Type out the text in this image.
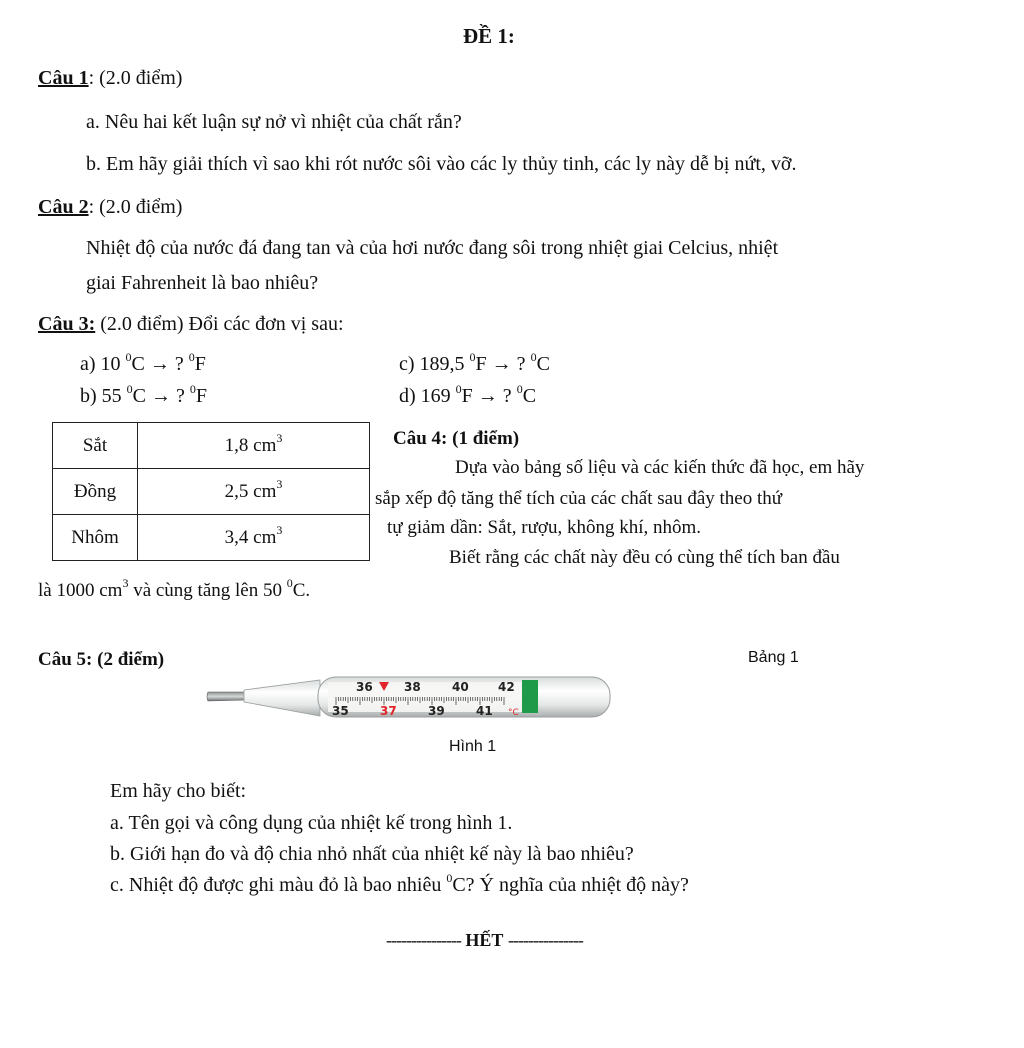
ĐỀ 1:
Câu 1: (2.0 điểm)
a. Nêu hai kết luận sự nở vì nhiệt của chất rắn?
b. Em hãy giải thích vì sao khi rót nước sôi vào các ly thủy tinh, các ly này dễ bị nứt, vỡ.
Câu 2: (2.0 điểm)
Nhiệt độ của nước đá đang tan và của hơi nước đang sôi trong nhiệt giai Celcius, nhiệt
giai Fahrenheit là bao nhiêu?
Câu 3: (2.0 điểm) Đổi các đơn vị sau:
a) 10 $^0$C → ? $^0$F
b) 55 $^0$C → ? $^0$F
c) 189,5 $^0$F → ? $^0$C
d) 169 $^0$F → ? $^0$C
Sắt	1,8 $cm^3$
Đồng	2,5 $cm^3$
Nhôm	3,4 $cm^3$
Câu 4: (1 điểm)
Dựa vào bảng số liệu và các kiến thức đã học, em hãy
sắp xếp độ tăng thể tích của các chất sau đây theo thứ
tự giảm dần: Sắt, rượu, không khí, nhôm.
Biết rằng các chất này đều có cùng thể tích ban đầu
là 1000 $cm^3$ và cùng tăng lên 50 $^0$C.
Câu 5: (2 điểm)	Bảng 1
36	38	40 42
35	37	39	41 °C
Hình 1
Em hãy cho biết:
a. Tên gọi và công dụng của nhiệt kế trong hình 1.
b. Giới hạn đo và độ chia nhỏ nhất của nhiệt kế này là bao nhiêu?
c. Nhiệt độ được ghi màu đỏ là bao nhiêu $^0$C? Ý nghĩa của nhiệt độ này?
--------------- HẾT ---------------
